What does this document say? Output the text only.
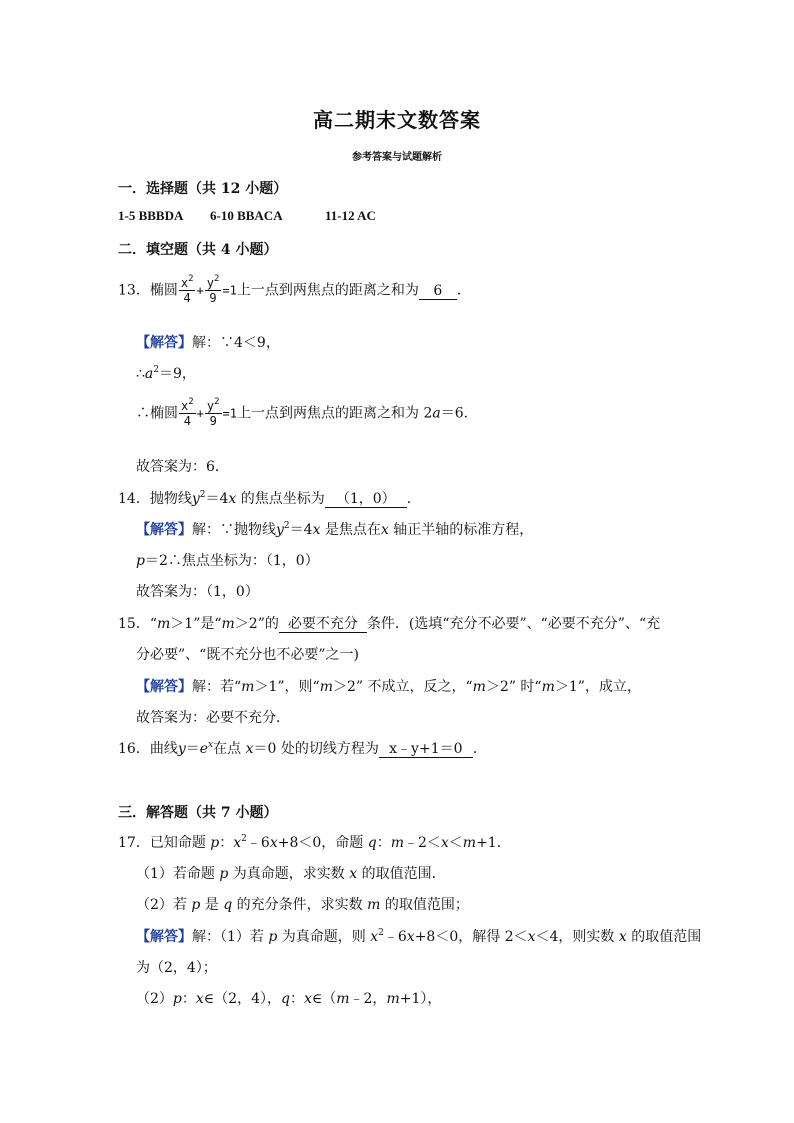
高二期末文数答案
参考答案与试题解析
一．选择题（共 12 小题）
1-5 BBBDA 6-10 BBACA	11-12 AC
二．填空题（共 4 小题）
13．椭圆 $\frac{x^2}{4} + \frac{y^2}{9} =1$上一点到两焦点的距离之和为 6 ．
【解答】解：∵4＜9，
$\therefore a^2=9$，
∴椭圆 $\frac{x^2}{4} + \frac{y^2}{9} =1$上一点到两焦点的距离之和为 2a＝6．
故答案为：6．
14．抛物线$y^2=4x$ 的焦点坐标为 （1，0） ．
【解答】解：∵抛物线$y^2=4x$ 是焦点在x 轴正半轴的标准方程，
p＝2∴焦点坐标为：（1，0）
故答案为：（1，0）
15．“m＞1”是“m＞2”的 必要不充分 条件．(选填“充分不必要”、“必要不充分”、“充
分必要”、“既不充分也不必要”之一)
【解答】解：若“m＞1”，则“m＞2” 不成立，反之，“m＞2” 时“m＞1”，成立，
故答案为：必要不充分．
16．曲线$y=e^x$在点 x＝0 处的切线方程为 x﹣y+1＝0 ．
三．解答题（共 7 小题）
17．已知命题 p：$x^2﹣6x+8<0$，命题 q：m﹣2＜x＜m+1．
（1）若命题 p 为真命题，求实数 x 的取值范围．
（2）若 p 是 q 的充分条件，求实数 m 的取值范围；
【解答】解：（1）若 p 为真命题，则 $x^2﹣6x+8<0$，解得 2＜x＜4，则实数 x 的取值范围
为（2，4）；
（2）p：x∈（2，4），q：x∈（m﹣2，m+1），
